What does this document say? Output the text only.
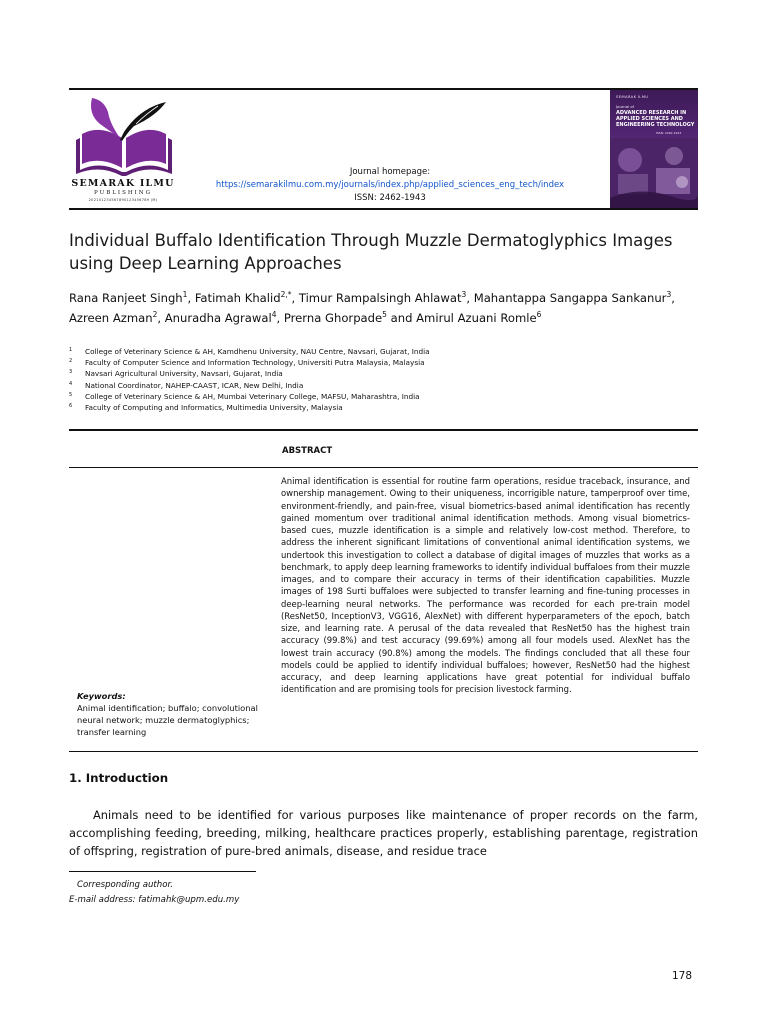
SEMARAK ILMU
PUBLISHING
202101234567890123456789 (M)
Journal homepage:
https://semarakilmu.com.my/journals/index.php/applied_sciences_eng_tech/index
ISSN: 2462-1943
SEMARAK ILMU
Journal of
ADVANCED RESEARCH IN APPLIED SCIENCES AND ENGINEERING TECHNOLOGY
ISSN: 2462-1943
Individual Buffalo Identification Through Muzzle Dermatoglyphics Images using Deep Learning Approaches
Rana Ranjeet Singh$^1$, Fatimah Khalid$^{2,*}$, Timur Rampalsingh Ahlawat$^3$, Mahantappa Sangappa Sankanur$^3$, Azreen Azman$^2$, Anuradha Agrawal$^4$, Prerna Ghorpade$^5$ and Amirul Azuani Romle$^6$
1	College of Veterinary Science & AH, Kamdhenu University, NAU Centre, Navsari, Gujarat, India
2	Faculty of Computer Science and Information Technology, Universiti Putra Malaysia, Malaysia
3	Navsari Agricultural University, Navsari, Gujarat, India
4	National Coordinator, NAHEP-CAAST, ICAR, New Delhi, India
5	College of Veterinary Science & AH, Mumbai Veterinary College, MAFSU, Maharashtra, India
6	Faculty of Computing and Informatics, Multimedia University, Malaysia
ABSTRACT
Keywords:
Animal identification; buffalo; convolutional neural network; muzzle dermatoglyphics; transfer learning
Animal identification is essential for routine farm operations, residue traceback, insurance, and ownership management. Owing to their uniqueness, incorrigible nature, tamperproof over time, environment-friendly, and pain-free, visual biometrics-based animal identification has recently gained momentum over traditional animal identification methods. Among visual biometrics-based cues, muzzle identification is a simple and relatively low-cost method. Therefore, to address the inherent significant limitations of conventional animal identification systems, we undertook this investigation to collect a database of digital images of muzzles that works as a benchmark, to apply deep learning frameworks to identify individual buffaloes from their muzzle images, and to compare their accuracy in terms of their identification capabilities. Muzzle images of 198 Surti buffaloes were subjected to transfer learning and fine-tuning processes in deep-learning neural networks. The performance was recorded for each pre-train model (ResNet50, InceptionV3, VGG16, AlexNet) with different hyperparameters of the epoch, batch size, and learning rate. A perusal of the data revealed that ResNet50 has the highest train accuracy (99.8%) and test accuracy (99.69%) among all four models used. AlexNet has the lowest train accuracy (90.8%) among the models. The findings concluded that all these four models could be applied to identify individual buffaloes; however, ResNet50 had the highest accuracy, and deep learning applications have great potential for individual buffalo identification and are promising tools for precision livestock farming.
1. Introduction
Animals need to be identified for various purposes like maintenance of proper records on the farm, accomplishing feeding, breeding, milking, healthcare practices properly, establishing parentage, registration of offspring, registration of pure-bred animals, disease, and residue trace
Corresponding author.
E-mail address: fatimahk@upm.edu.my
178
